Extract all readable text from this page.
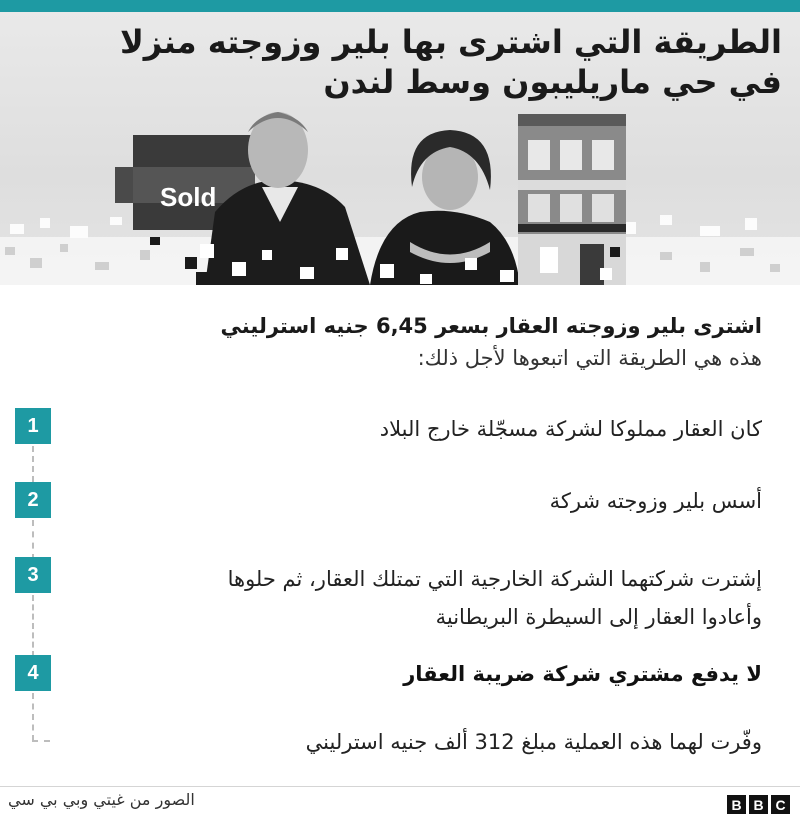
الطريقة التي اشترى بها بلير وزوجته منزلا في حي ماريليبون وسط لندن
Sold
اشترى بلير وزوجته العقار بسعر 6,45 جنيه استرليني
هذه هي الطريقة التي اتبعوها لأجل ذلك:
1	كان العقار مملوكا لشركة مسجّلة خارج البلاد
2	أسس بلير وزوجته شركة
3	إشترت شركتهما الشركة الخارجية التي تمتلك العقار، ثم حلوها وأعادوا العقار إلى السيطرة البريطانية
4	لا يدفع مشتري شركة ضريبة العقار
وفّرت لهما هذه العملية مبلغ 312 ألف جنيه استرليني
الصور من غيتي وبي بي سي	B B C
